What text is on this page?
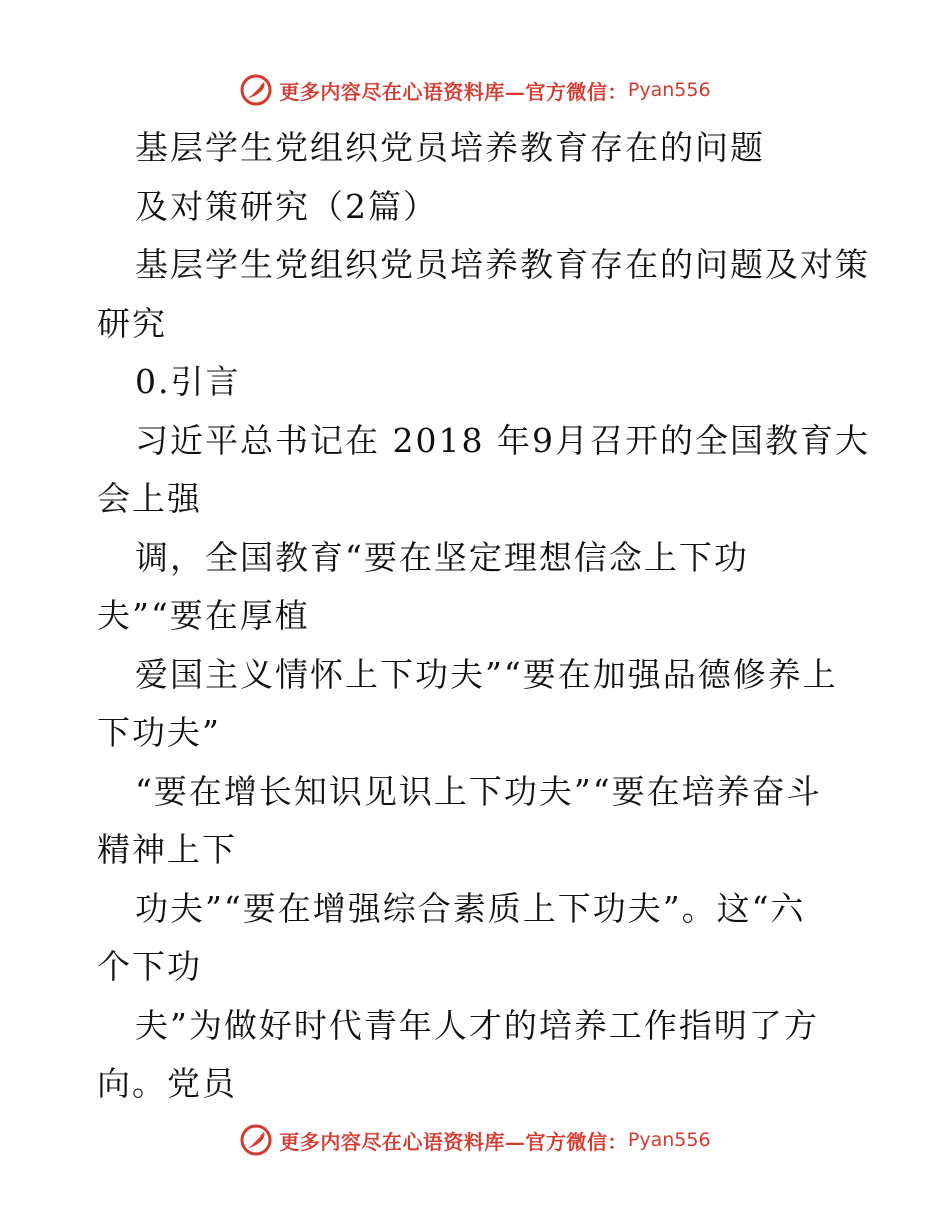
更多内容尽在心语资料库—官方微信： Pyan556
基层学生党组织党员培养教育存在的问题
及对策研究（2篇）
基层学生党组织党员培养教育存在的问题及对策
研究
0.引言
习近平总书记在 2018 年9月召开的全国教育大
会上强
调，全国教育“要在坚定理想信念上下功
夫”“要在厚植
爱国主义情怀上下功夫”“要在加强品德修养上
下功夫”
“要在增长知识见识上下功夫”“要在培养奋斗
精神上下
功夫”“要在增强综合素质上下功夫”。这“六
个下功
夫”为做好时代青年人才的培养工作指明了方
向。党员
更多内容尽在心语资料库—官方微信： Pyan556
